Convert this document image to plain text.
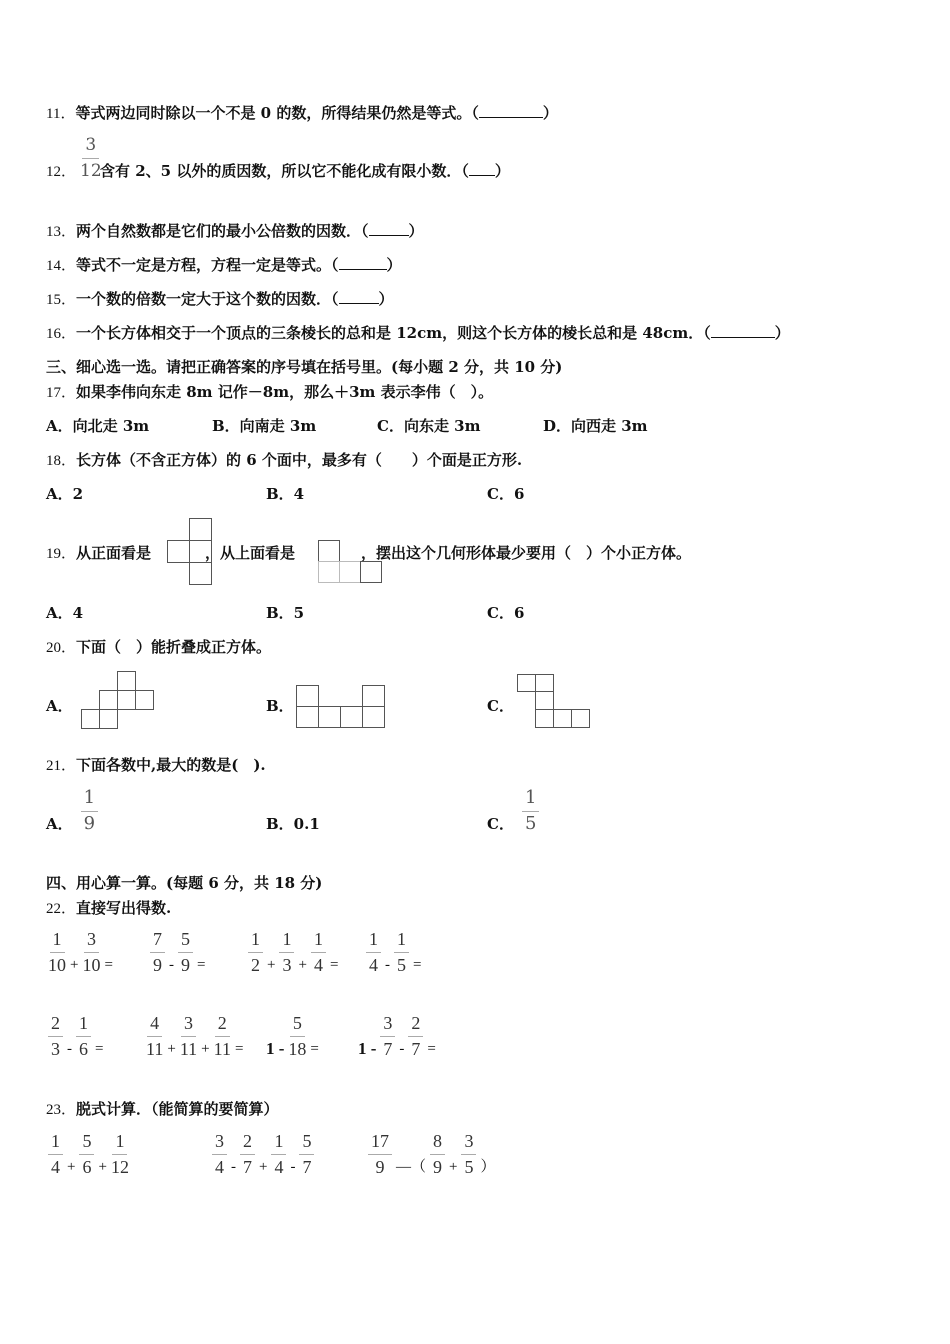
11．等式两边同时除以一个不是 0 的数，所得结果仍然是等式。（	）
12． $\frac{3}{12}$
含有 2、5 以外的质因数，所以它不能化成有限小数．（ ）
13．两个自然数都是它们的最小公倍数的因数．（	）
14．等式不一定是方程，方程一定是等式。（	）
15．一个数的倍数一定大于这个数的因数．（	）
16．一个长方体相交于一个顶点的三条棱长的总和是 12cm，则这个长方体的棱长总和是 48cm．（	）
三、细心选一选。请把正确答案的序号填在括号里。(每小题 2 分，共 10 分)
17．如果李伟向东走 8m 记作－8m，那么＋3m 表示李伟（　）。
A．向北走 3m	B．向南走 3m	C．向东走 3m	D．向西走 3m
18．长方体（不含正方体）的 6 个面中，最多有（　　）个面是正方形.
A．2	B．4	C．6
19．从正面看是	，从上面看是	，摆出这个几何形体最少要用（　）个小正方体。
A．4	B．5	C．6
20．下面（　）能折叠成正方体。
A．	B．	C．
21．下面各数中,最大的数是(　).
A． $\frac{1}{9}$	B．0.1	C． $\frac{1}{5}$
四、用心算一算。(每题 6 分，共 18 分)
22．直接写出得数.
$\frac{1}{10} + \frac{3}{10} = \frac{7}{9} - \frac{5}{9} = \frac{1}{2} + \frac{1}{3} + \frac{1}{4} = \frac{1}{4} - \frac{1}{5}$ =
$\frac{2}{3} - \frac{1}{6} = \frac{4}{11} + \frac{3}{11} + \frac{2}{11} = 1 - \frac{5}{18} = 1 - \frac{3}{7} - \frac{2}{7}$ =
23．脱式计算．（能简算的要简算）
$\frac{1}{4} + \frac{5}{6} + \frac{1}{12}$	$\frac{3}{4} - \frac{2}{7} + \frac{1}{4} - \frac{5}{7}$	$\frac{17}{9}$ —（ $\frac{8}{9} + \frac{3}{5}$ ）
